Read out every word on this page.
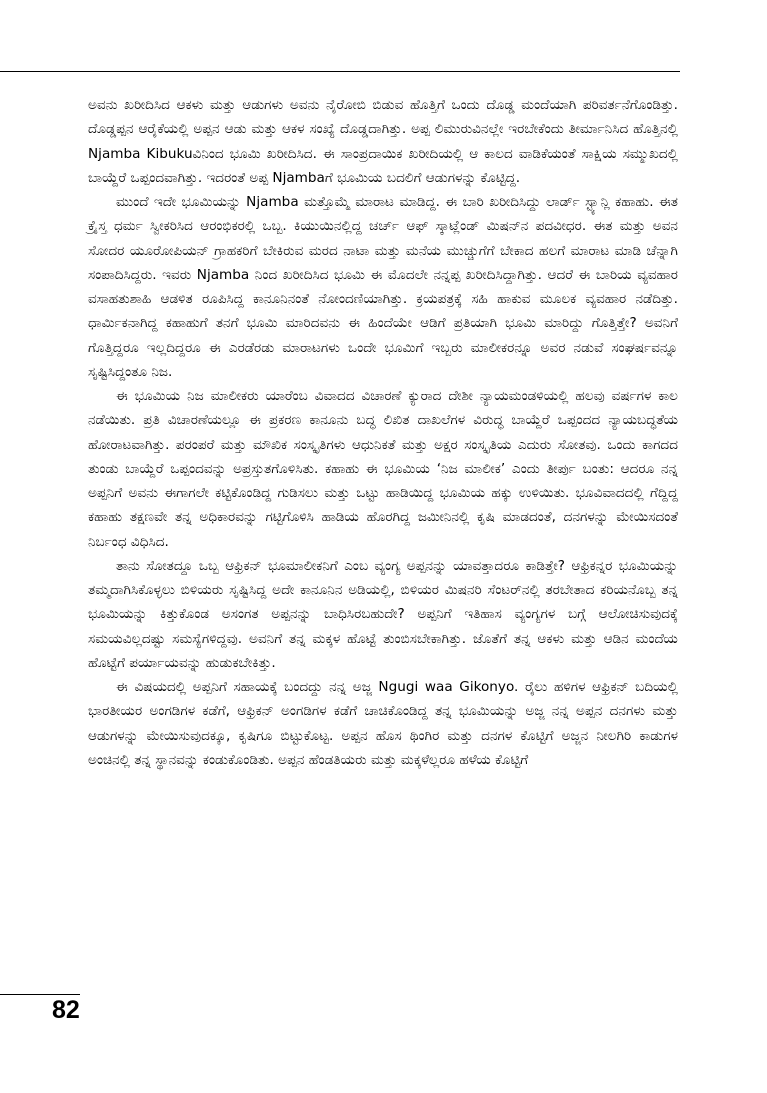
ಅವನು ಖರೀದಿಸಿದ ಆಕಳು ಮತ್ತು ಆಡುಗಳು ಅವನು ನೈರೋಬಿ ಬಿಡುವ ಹೊತ್ತಿಗೆ ಒಂದು ದೊಡ್ಡ ಮಂದೆಯಾಗಿ ಪರಿವರ್ತನೆಗೊಂಡಿತ್ತು. ದೊಡ್ಡಪ್ಪನ ಆರೈಕೆಯಲ್ಲಿ ಅಪ್ಪನ ಆಡು ಮತ್ತು ಆಕಳ ಸಂಖ್ಯೆ ದೊಡ್ಡದಾಗಿತ್ತು. ಅಪ್ಪ ಲಿಮುರುವಿನಲ್ಲೇ ಇರಬೇಕೆಂದು ತೀರ್ಮಾನಿಸಿದ ಹೊತ್ತಿನಲ್ಲಿ Njamba Kibukuವಿನಿಂದ ಭೂಮಿ ಖರೀದಿಸಿದ. ಈ ಸಾಂಪ್ರದಾಯಿಕ ಖರೀದಿಯಲ್ಲಿ ಆ ಕಾಲದ ವಾಡಿಕೆಯಂತೆ ಸಾಕ್ಷಿಯ ಸಮ್ಮುಖದಲ್ಲಿ ಬಾಯ್ದೆರೆ ಒಪ್ಪಂದವಾಗಿತ್ತು. ಇದರಂತೆ ಅಪ್ಪ Njambaಗೆ ಭೂಮಿಯ ಬದಲಿಗೆ ಆಡುಗಳನ್ನು ಕೊಟ್ಟಿದ್ದ.

ಮುಂದೆ ಇದೇ ಭೂಮಿಯನ್ನು Njamba ಮತ್ತೊಮ್ಮೆ ಮಾರಾಟ ಮಾಡಿದ್ದ. ಈ ಬಾರಿ ಖರೀದಿಸಿದ್ದು ಲಾರ್ಡ್ ಸ್ಟ್ಯಾನ್ಲಿ ಕಹಾಹು. ಈತ ಕ್ರೈಸ್ತ ಧರ್ಮ ಸ್ವೀಕರಿಸಿದ ಆರಂಭಿಕರಲ್ಲಿ ಒಬ್ಬ. ಕಿಯುಯಿನಲ್ಲಿದ್ದ ಚರ್ಚ್ ಆಫ್ ಸ್ಕಾಟ್ಲೆಂಡ್ ಮಿಷನ್‌ನ ಪದವೀಧರ. ಈತ ಮತ್ತು ಅವನ ಸೋದರ ಯೂರೋಪಿಯನ್ ಗ್ರಾಹಕರಿಗೆ ಬೇಕಿರುವ ಮರದ ನಾಟಾ ಮತ್ತು ಮನೆಯ ಮುಚ್ಚುಗೆಗೆ ಬೇಕಾದ ಹಲಗೆ ಮಾರಾಟ ಮಾಡಿ ಚೆನ್ನಾಗಿ ಸಂಪಾದಿಸಿದ್ದರು. ಇವರು Njamba ನಿಂದ ಖರೀದಿಸಿದ ಭೂಮಿ ಈ ಮೊದಲೇ ನನ್ನಪ್ಪ ಖರೀದಿಸಿದ್ದಾಗಿತ್ತು. ಆದರೆ ಈ ಬಾರಿಯ ವ್ಯವಹಾರ ವಸಾಹತುಶಾಹಿ ಆಡಳಿತ ರೂಪಿಸಿದ್ದ ಕಾನೂನಿನಂತೆ ನೋಂದಣಿಯಾಗಿತ್ತು. ಕ್ರಯಪತ್ರಕ್ಕೆ ಸಹಿ ಹಾಕುವ ಮೂಲಕ ವ್ಯವಹಾರ ನಡೆದಿತ್ತು. ಧಾರ್ಮಿಕನಾಗಿದ್ದ ಕಹಾಹುಗೆ ತನಗೆ ಭೂಮಿ ಮಾರಿದವನು ಈ ಹಿಂದೆಯೇ ಆಡಿಗೆ ಪ್ರತಿಯಾಗಿ ಭೂಮಿ ಮಾರಿದ್ದು ಗೊತ್ತಿತ್ತೇ? ಅವನಿಗೆ ಗೊತ್ತಿದ್ದರೂ ಇಲ್ಲದಿದ್ದರೂ ಈ ಎರಡೆರಡು ಮಾರಾಟಗಳು ಒಂದೇ ಭೂಮಿಗೆ ಇಬ್ಬರು ಮಾಲೀಕರನ್ನೂ ಅವರ ನಡುವೆ ಸಂಘರ್ಷವನ್ನೂ ಸೃಷ್ಟಿಸಿದ್ದಂತೂ ನಿಜ.

ಈ ಭೂಮಿಯ ನಿಜ ಮಾಲೀಕರು ಯಾರೆಂಬ ವಿವಾದದ ವಿಚಾರಣೆ ಕ್ಯುರಾದ ದೇಶೀ ನ್ಯಾಯಮಂಡಳಿಯಲ್ಲಿ ಹಲವು ವರ್ಷಗಳ ಕಾಲ ನಡೆಯಿತು. ಪ್ರತಿ ವಿಚಾರಣೆಯಲ್ಲೂ ಈ ಪ್ರಕರಣ ಕಾನೂನು ಬದ್ಧ ಲಿಖಿತ ದಾಖಲೆಗಳ ವಿರುದ್ಧ ಬಾಯ್ದೆರೆ ಒಪ್ಪಂದದ ನ್ಯಾಯಬದ್ಧತೆಯ ಹೋರಾಟವಾಗಿತ್ತು. ಪರಂಪರೆ ಮತ್ತು ಮೌಖಿಕ ಸಂಸ್ಕೃತಿಗಳು ಆಧುನಿಕತೆ ಮತ್ತು ಅಕ್ಷರ ಸಂಸ್ಕೃತಿಯ ಎದುರು ಸೋತವು. ಒಂದು ಕಾಗದದ ತುಂಡು ಬಾಯ್ದೆರೆ ಒಪ್ಪಂದವನ್ನು ಅಪ್ರಸ್ತುತಗೊಳಿಸಿತು. ಕಹಾಹು ಈ ಭೂಮಿಯ ‘ನಿಜ ಮಾಲೀಕ’ ಎಂದು ತೀರ್ಪು ಬಂತು: ಆದರೂ ನನ್ನ ಅಪ್ಪನಿಗೆ ಅವನು ಈಗಾಗಲೇ ಕಟ್ಟಿಕೊಂಡಿದ್ದ ಗುಡಿಸಲು ಮತ್ತು ಒಟ್ಟು ಹಾಡಿಯಿದ್ದ ಭೂಮಿಯ ಹಕ್ಕು ಉಳಿಯಿತು. ಭೂವಿವಾದದಲ್ಲಿ ಗೆದ್ದಿದ್ದ ಕಹಾಹು ತಕ್ಷಣವೇ ತನ್ನ ಅಧಿಕಾರವನ್ನು ಗಟ್ಟಿಗೊಳಿಸಿ ಹಾಡಿಯ ಹೊರಗಿದ್ದ ಜಮೀನಿನಲ್ಲಿ ಕೃಷಿ ಮಾಡದಂತೆ, ದನಗಳನ್ನು ಮೇಯಿಸದಂತೆ ನಿರ್ಬಂಧ ವಿಧಿಸಿದ.

ತಾನು ಸೋತದ್ದೂ ಒಬ್ಬ ಆಫ್ರಿಕನ್ ಭೂಮಾಲೀಕನಿಗೆ ಎಂಬ ವ್ಯಂಗ್ಯ ಅಪ್ಪನನ್ನು ಯಾವತ್ತಾದರೂ ಕಾಡಿತ್ತೇ? ಆಫ್ರಿಕನ್ನರ ಭೂಮಿಯನ್ನು ತಮ್ಮದಾಗಿಸಿಕೊಳ್ಳಲು ಬಿಳಿಯರು ಸೃಷ್ಟಿಸಿದ್ದ ಅದೇ ಕಾನೂನಿನ ಅಡಿಯಲ್ಲಿ, ಬಿಳಿಯರ ಮಿಷನರಿ ಸೆಂಟರ್‌ನಲ್ಲಿ ತರಬೇತಾದ ಕರಿಯನೊಬ್ಬ ತನ್ನ ಭೂಮಿಯನ್ನು ಕಿತ್ತುಕೊಂಡ ಅಸಂಗತ ಅಪ್ಪನನ್ನು ಬಾಧಿಸಿರಬಹುದೇ? ಅಪ್ಪನಿಗೆ ಇತಿಹಾಸ ವ್ಯಂಗ್ಯಗಳ ಬಗ್ಗೆ ಆಲೋಚಿಸುವುದಕ್ಕೆ ಸಮಯವಿಲ್ಲದಷ್ಟು ಸಮಸ್ಯೆಗಳಿದ್ದವು. ಅವನಿಗೆ ತನ್ನ ಮಕ್ಕಳ ಹೊಟ್ಟೆ ತುಂಬಿಸಬೇಕಾಗಿತ್ತು. ಜೊತೆಗೆ ತನ್ನ ಆಕಳು ಮತ್ತು ಆಡಿನ ಮಂದೆಯ ಹೊಟ್ಟೆಗೆ ಪರ್ಯಾಯವನ್ನು ಹುಡುಕಬೇಕಿತ್ತು.

ಈ ವಿಷಯದಲ್ಲಿ ಅಪ್ಪನಿಗೆ ಸಹಾಯಕ್ಕೆ ಬಂದದ್ದು ನನ್ನ ಅಜ್ಜ Ngugi waa Gikonyo. ರೈಲು ಹಳಿಗಳ ಆಫ್ರಿಕನ್ ಬದಿಯಲ್ಲಿ ಭಾರತೀಯರ ಅಂಗಡಿಗಳ ಕಡೆಗೆ, ಆಫ್ರಿಕನ್ ಅಂಗಡಿಗಳ ಕಡೆಗೆ ಚಾಚಿಕೊಂಡಿದ್ದ ತನ್ನ ಭೂಮಿಯನ್ನು ಅಜ್ಜ ನನ್ನ ಅಪ್ಪನ ದನಗಳು ಮತ್ತು ಆಡುಗಳನ್ನು ಮೇಯಿಸುವುದಕ್ಕೂ, ಕೃಷಿಗೂ ಬಿಟ್ಟುಕೊಟ್ಟ. ಅಪ್ಪನ ಹೊಸ ಥಿಂಗಿರ ಮತ್ತು ದನಗಳ ಕೊಟ್ಟಿಗೆ ಅಜ್ಜನ ನೀಲಗಿರಿ ಕಾಡುಗಳ ಅಂಚಿನಲ್ಲಿ ತನ್ನ ಸ್ಥಾನವನ್ನು ಕಂಡುಕೊಂಡಿತು. ಅಪ್ಪನ ಹೆಂಡತಿಯರು ಮತ್ತು ಮಕ್ಕಳೆಲ್ಲರೂ ಹಳೆಯ ಕೊಟ್ಟಿಗೆ

82
